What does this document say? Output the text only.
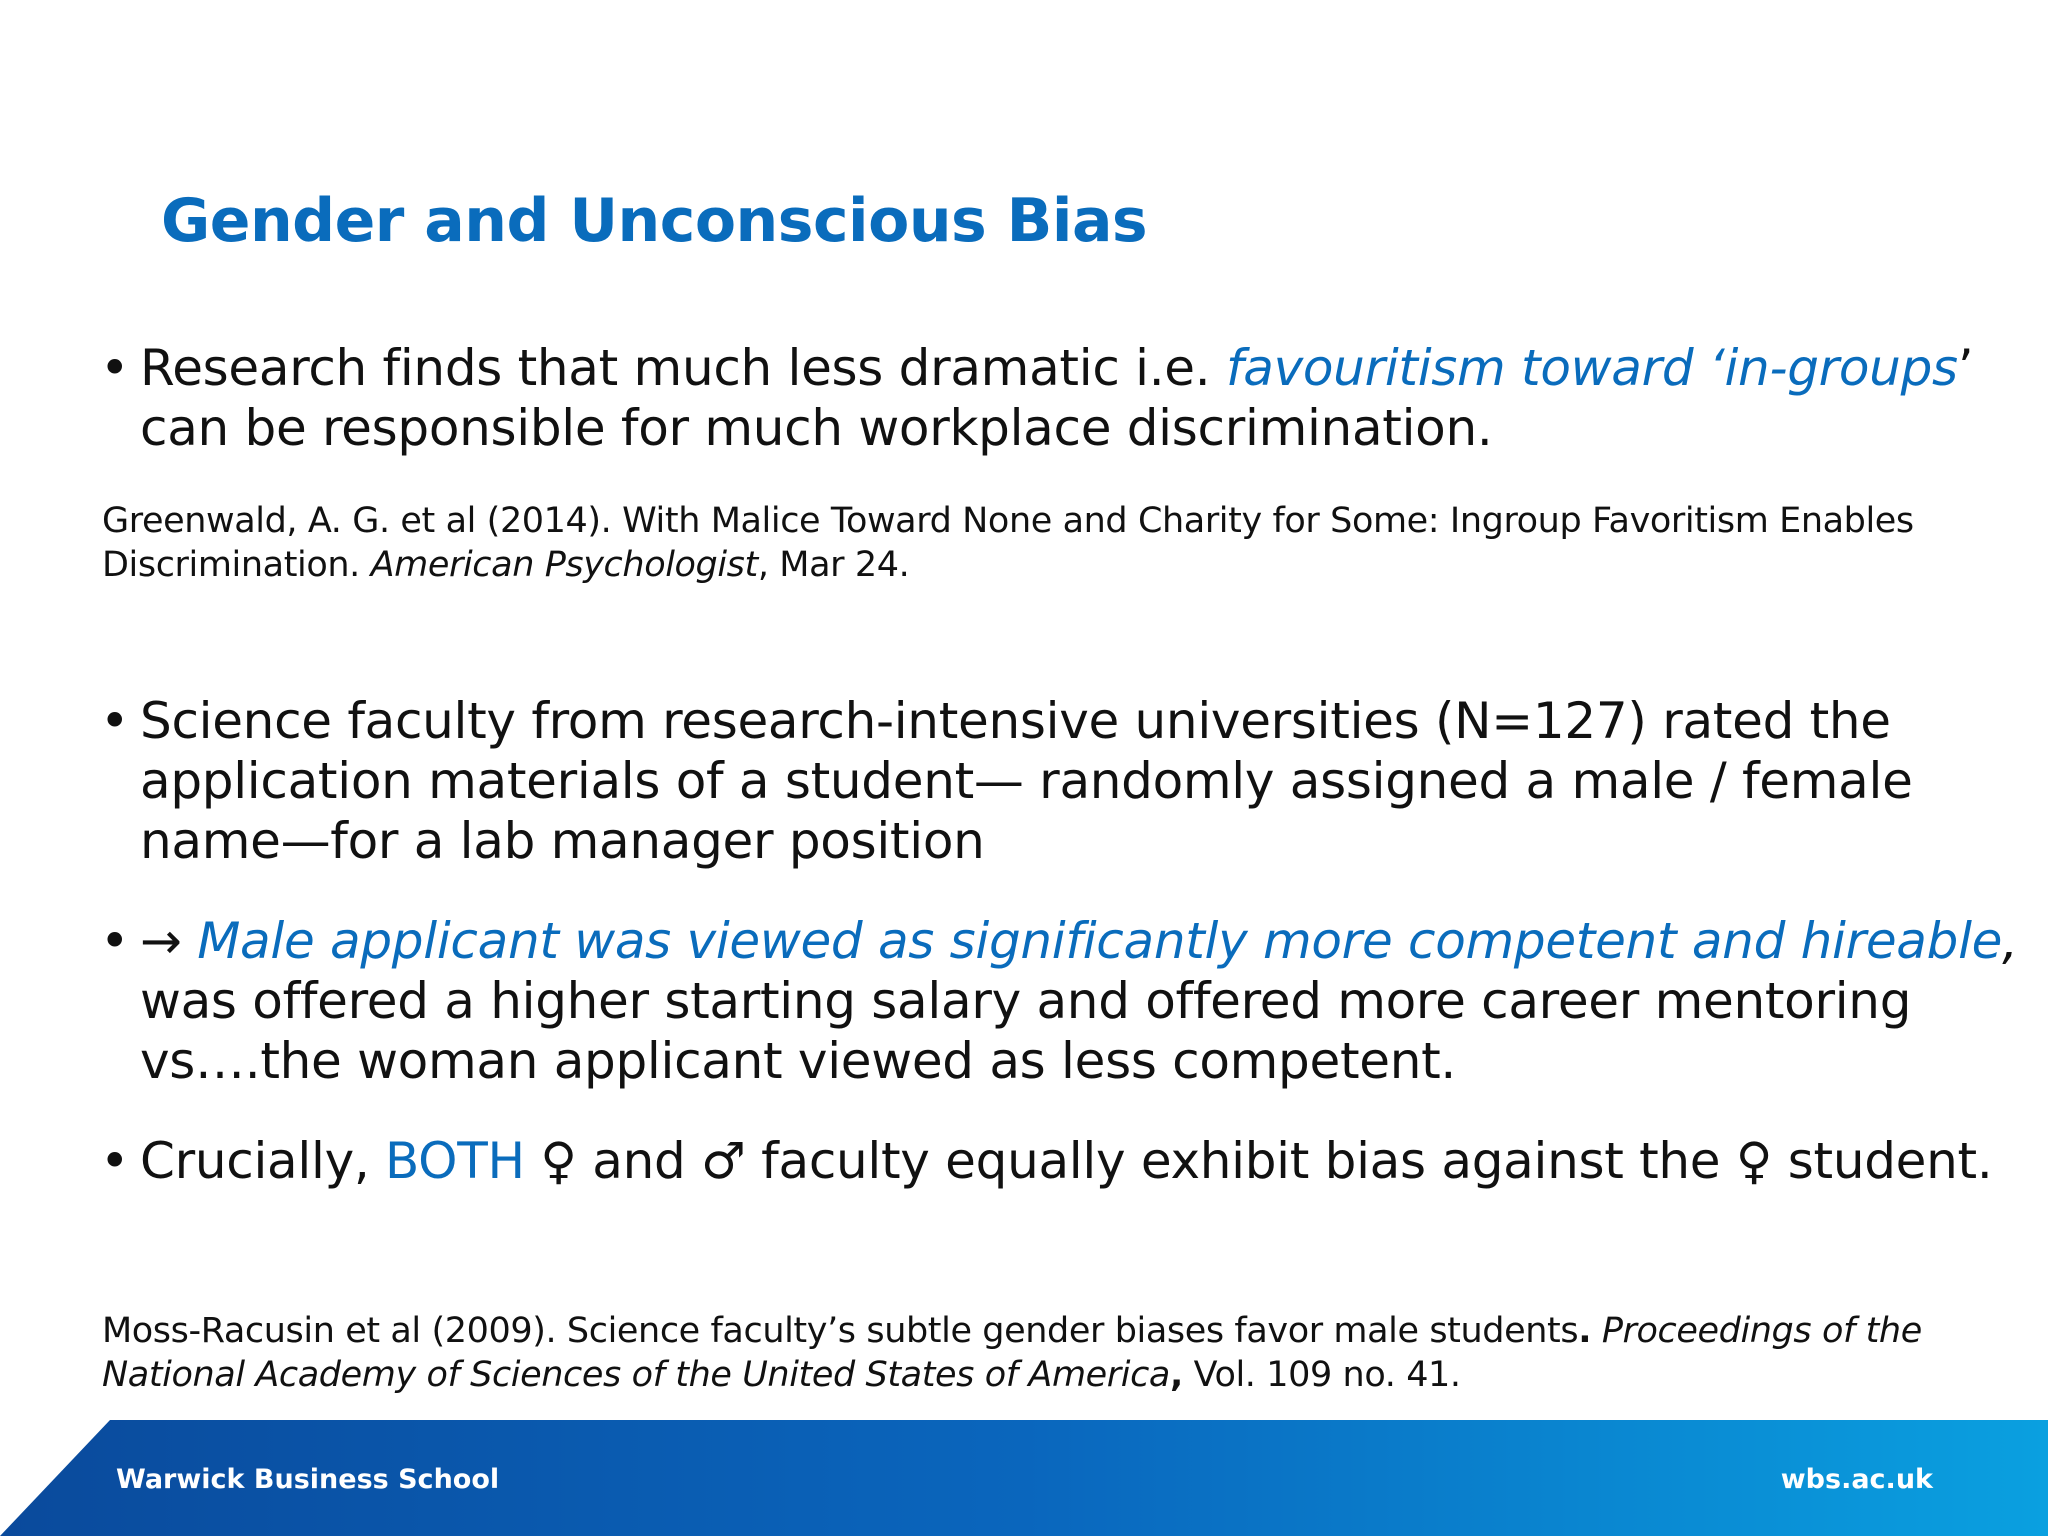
Gender and Unconscious Bias
• Research finds that much less dramatic i.e. favouritism toward ‘in-groups’
can be responsible for much workplace discrimination.
Greenwald, A. G. et al (2014). With Malice Toward None and Charity for Some: Ingroup Favoritism Enables Discrimination. American Psychologist, Mar 24.
• Science faculty from research-intensive universities (N=127) rated the application materials of a student— randomly assigned a male / female name—for a lab manager position
• → Male applicant was viewed as significantly more competent and hireable, was offered a higher starting salary and offered more career mentoring vs….the woman applicant viewed as less competent.
• Crucially, BOTH ♀ and ♂ faculty equally exhibit bias against the ♀ student.
Moss-Racusin et al (2009). Science faculty’s subtle gender biases favor male students. Proceedings of the National Academy of Sciences of the United States of America, Vol. 109 no. 41.
Warwick Business School	wbs.ac.uk
